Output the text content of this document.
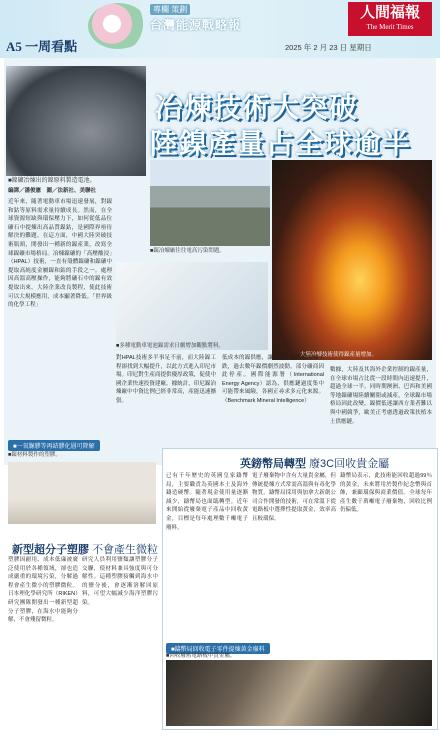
專欄 策劃
台灣能源戰略報
A5 一周看點
人間福報
The Merit Times
2025 年 2 月 23 日 星期日
■鎳礦冶煉出的鎳原料製造電池。
冶煉技術大突破
陸鎳產量占全球逾半
■鎳冶煉廠往往電高污染問題。
大陸冶煉技術使得鎳產量增加。
■多種電動車電池鎳需求日劇增加觀點將料。
編譯／潘俊憲　圖／法新社、美聯社
近年來，隨著電動車市場迅速發展，對鎳和鈷等原料需求量持續成長。然而，在全球資源短缺與環保壓力下，如何從低品位礦石中提煉出高品質鎳鈷，是國際界亟待解決的難題。在這方面，中國大陸突破技術瓶頸，開發出一種新的鎳產業，改寫全球鎳礦市場格局。冶煉鎳礦的「高壓酸浸」（HPAL）技術，一直有殼體鎳礦和鎳礦中提取高純度金屬鎳和鈷的手段之一。處理因高溫高壓操作，能夠將礦石中的鎳有效提取出來。大陸企業改良製程，使此技術可以大規模應用，成本顯著降低。「世界級的化學工程」
對HPAL技術多半事足不前，而大陸鎳工程卻找到大幅提升，以此方式進入印尼市場。印尼對生產商提供優厚政策，促使中國企業快速投資建廠。據統計，印尼鎳冶煉廠中中資比例已經非常高，產能迅速擴張。
低成本的鎳供應，讓國際市場鎳價大幅下跌，過去數年鎳價劇烈波動，部分礦商因此停產。國際能源署（International Energy Agency）認為，供應鏈過度集中可能帶來風險，各國正尋求多元化來源。（Benchmark Mineral Intelligence）
數據，大陸及其海外企業控制的鎳產量，在全球市場占比從一段時間內迅速提升，超過全球一半。同時期澳洲、巴西和美國等地鎳礦場陸續關閉或減產，全球鎳市場格局因此改變。鎳價低迷讓西方業者難以與中國競爭，歐美正考慮透過政策扶植本土供應鏈。
■一氧脲膠等再結膠化層可降解
■鎳材料製作的塑膠。
新型超分子塑膠 不會產生微粒
塑膠因耐用、成本低廉被廣泛使用於各種領域，卻也造成嚴重的環境污染，分解過程會產生微小的塑膠微粒。日本理化學研究所（RIKEN）研究團隊開發出一種新型超分子塑膠，在海水中能夠分解，不會殘留微粒。
研究人員利用鹽類讓塑膠分子交聯，使材料兼具強度與可分解性。這種塑膠接觸到海水中的鹽分後，會逐漸溶解回原料，可望大幅減少海洋塑膠污染。
英鎊幣局轉型 廢3C回收貴金屬
已有千年歷史的英國皇家鑄幣局，主要職責為英國本土及海外鑄造硬幣。隨著現金使用量逐漸減少，鑄幣局也面臨轉型。近年來開始從廢棄電子產品中回收黃金，目標是每年處理數千噸電子廢料。
電子廢棄物中含有大量貴金屬，但傳統提煉方式常需高溫與有毒化學物質。鑄幣局採用與加拿大新創公司合作開發的技術，可在常溫下從電路板中選擇性提取黃金，效率高且較環保。
鑄幣局表示，此技術能回收超過99％的黃金，未來將用於製作紀念幣與首飾，兼顧環保與商業價值。全球每年產生數千萬噸電子廢棄物，回收比例仍偏低。
■鑄幣局回收電子零件提煉黃金廢料
■回收廢舊電路板中貴金屬。
